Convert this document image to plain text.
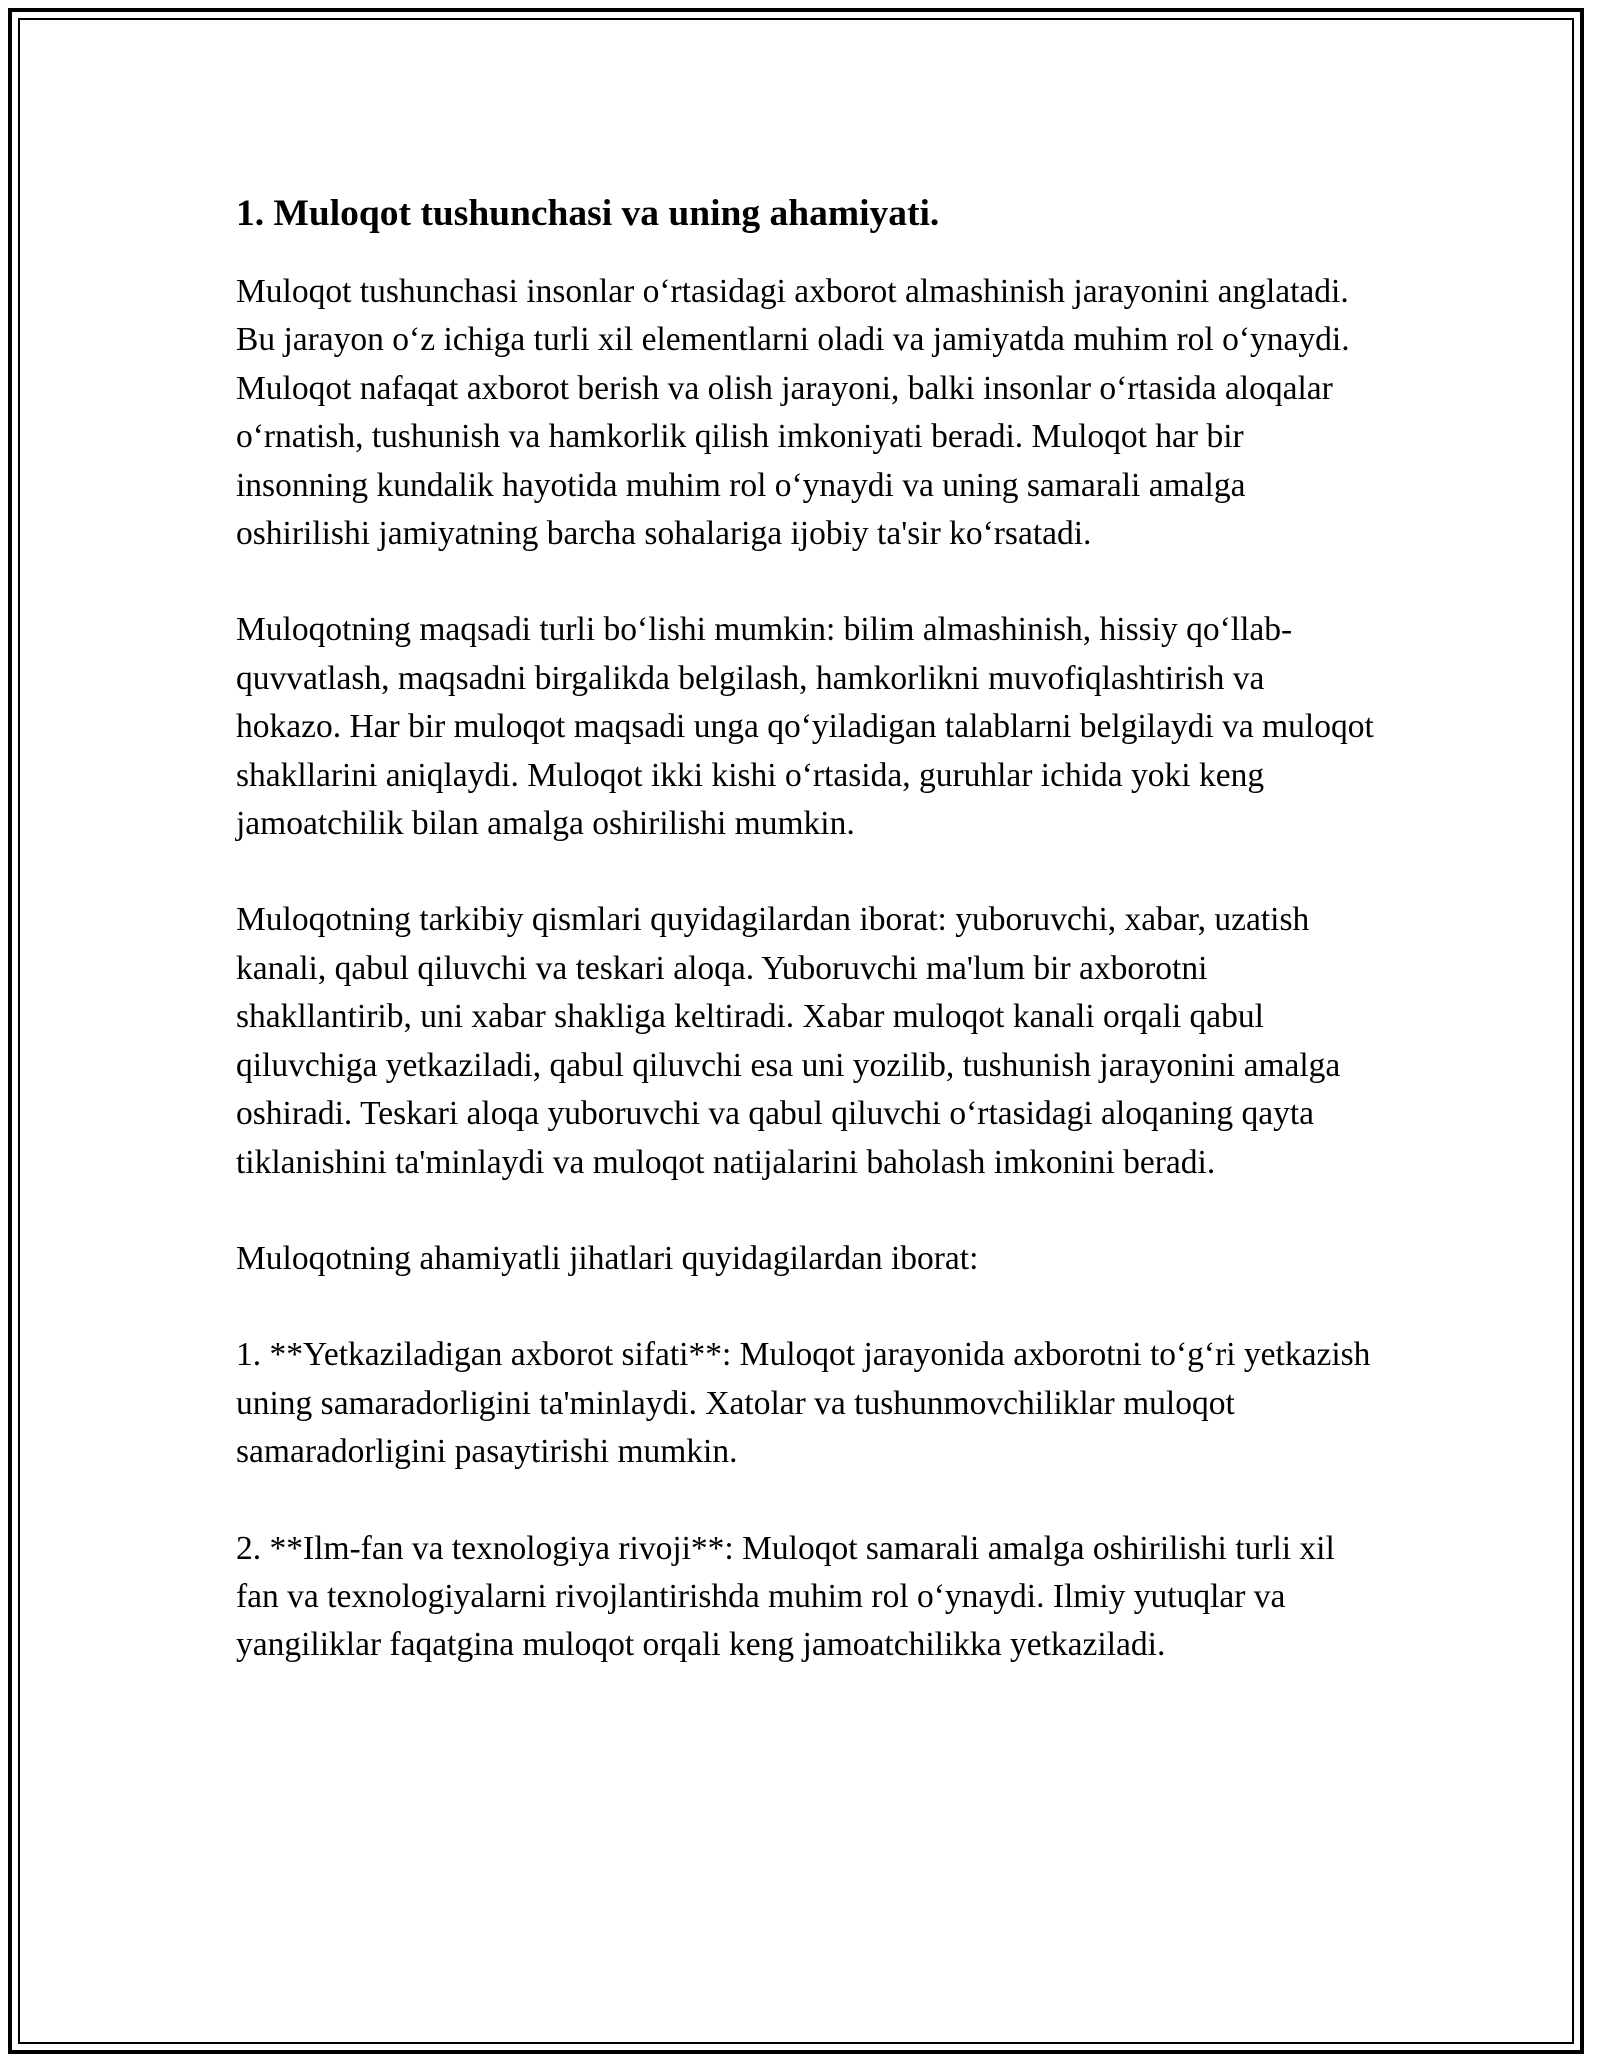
1. Muloqot tushunchasi va uning ahamiyati.

Muloqot tushunchasi insonlar o‘rtasidagi axborot almashinish jarayonini anglatadi. Bu jarayon o‘z ichiga turli xil elementlarni oladi va jamiyatda muhim rol o‘ynaydi. Muloqot nafaqat axborot berish va olish jarayoni, balki insonlar o‘rtasida aloqalar o‘rnatish, tushunish va hamkorlik qilish imkoniyati beradi. Muloqot har bir insonning kundalik hayotida muhim rol o‘ynaydi va uning samarali amalga oshirilishi jamiyatning barcha sohalariga ijobiy ta'sir ko‘rsatadi.

Muloqotning maqsadi turli bo‘lishi mumkin: bilim almashinish, hissiy qo‘llab-quvvatlash, maqsadni birgalikda belgilash, hamkorlikni muvofiqlashtirish va hokazo. Har bir muloqot maqsadi unga qo‘yiladigan talablarni belgilaydi va muloqot shakllarini aniqlaydi. Muloqot ikki kishi o‘rtasida, guruhlar ichida yoki keng jamoatchilik bilan amalga oshirilishi mumkin.

Muloqotning tarkibiy qismlari quyidagilardan iborat: yuboruvchi, xabar, uzatish kanali, qabul qiluvchi va teskari aloqa. Yuboruvchi ma'lum bir axborotni shakllantirib, uni xabar shakliga keltiradi. Xabar muloqot kanali orqali qabul qiluvchiga yetkaziladi, qabul qiluvchi esa uni yozilib, tushunish jarayonini amalga oshiradi. Teskari aloqa yuboruvchi va qabul qiluvchi o‘rtasidagi aloqaning qayta tiklanishini ta'minlaydi va muloqot natijalarini baholash imkonini beradi.

Muloqotning ahamiyatli jihatlari quyidagilardan iborat:

1. **Yetkaziladigan axborot sifati**: Muloqot jarayonida axborotni to‘g‘ri yetkazish uning samaradorligini ta'minlaydi. Xatolar va tushunmovchiliklar muloqot samaradorligini pasaytirishi mumkin.

2. **Ilm-fan va texnologiya rivoji**: Muloqot samarali amalga oshirilishi turli xil fan va texnologiyalarni rivojlantirishda muhim rol o‘ynaydi. Ilmiy yutuqlar va yangiliklar faqatgina muloqot orqali keng jamoatchilikka yetkaziladi.
